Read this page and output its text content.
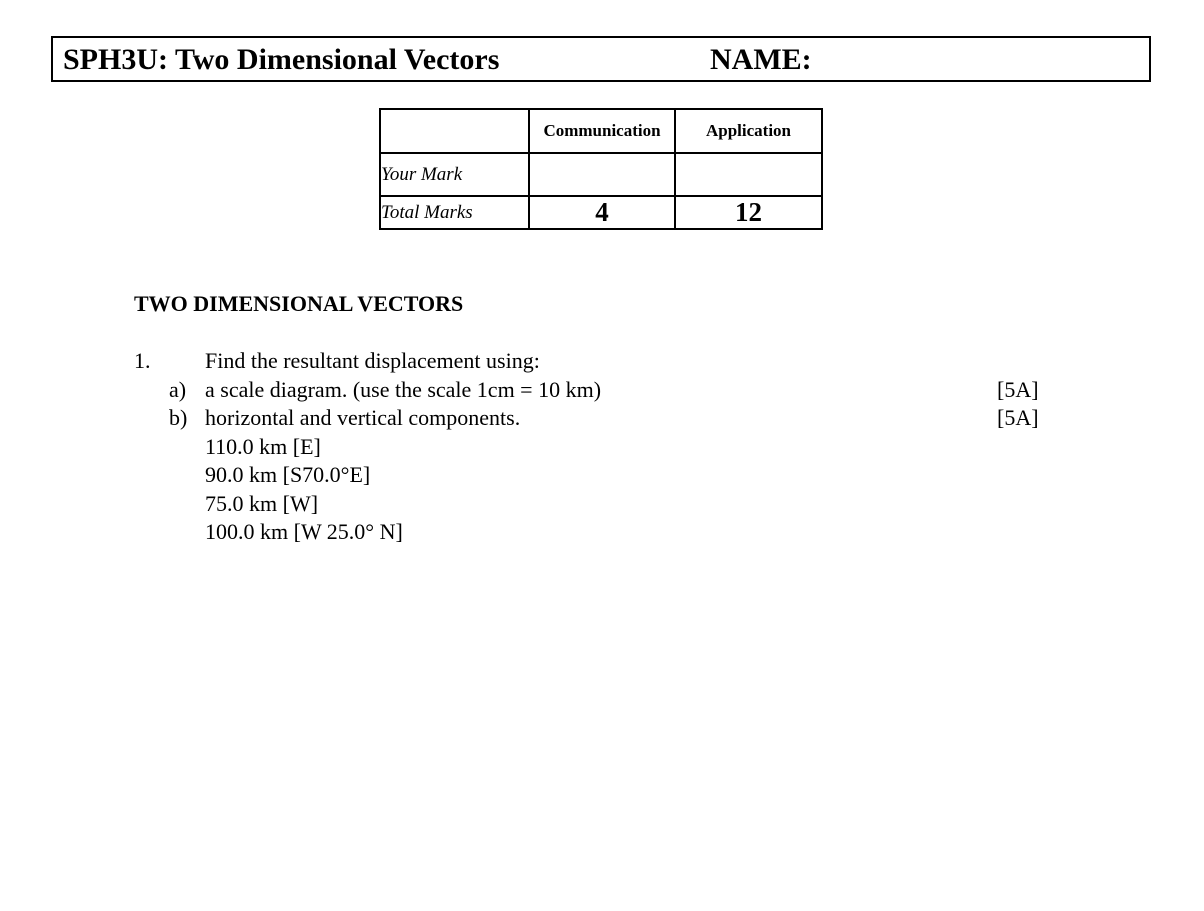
SPH3U: Two Dimensional Vectors	NAME:
	Communication	Application
Your Mark		
Total Marks	4	12
TWO DIMENSIONAL VECTORS
1. Find the resultant displacement using:
a) a scale diagram. (use the scale 1cm = 10 km)	[5A]
b) horizontal and vertical components.	[5A]
110.0 km [E]
90.0 km [S70.0°E]
75.0 km [W]
100.0 km [W 25.0° N]
